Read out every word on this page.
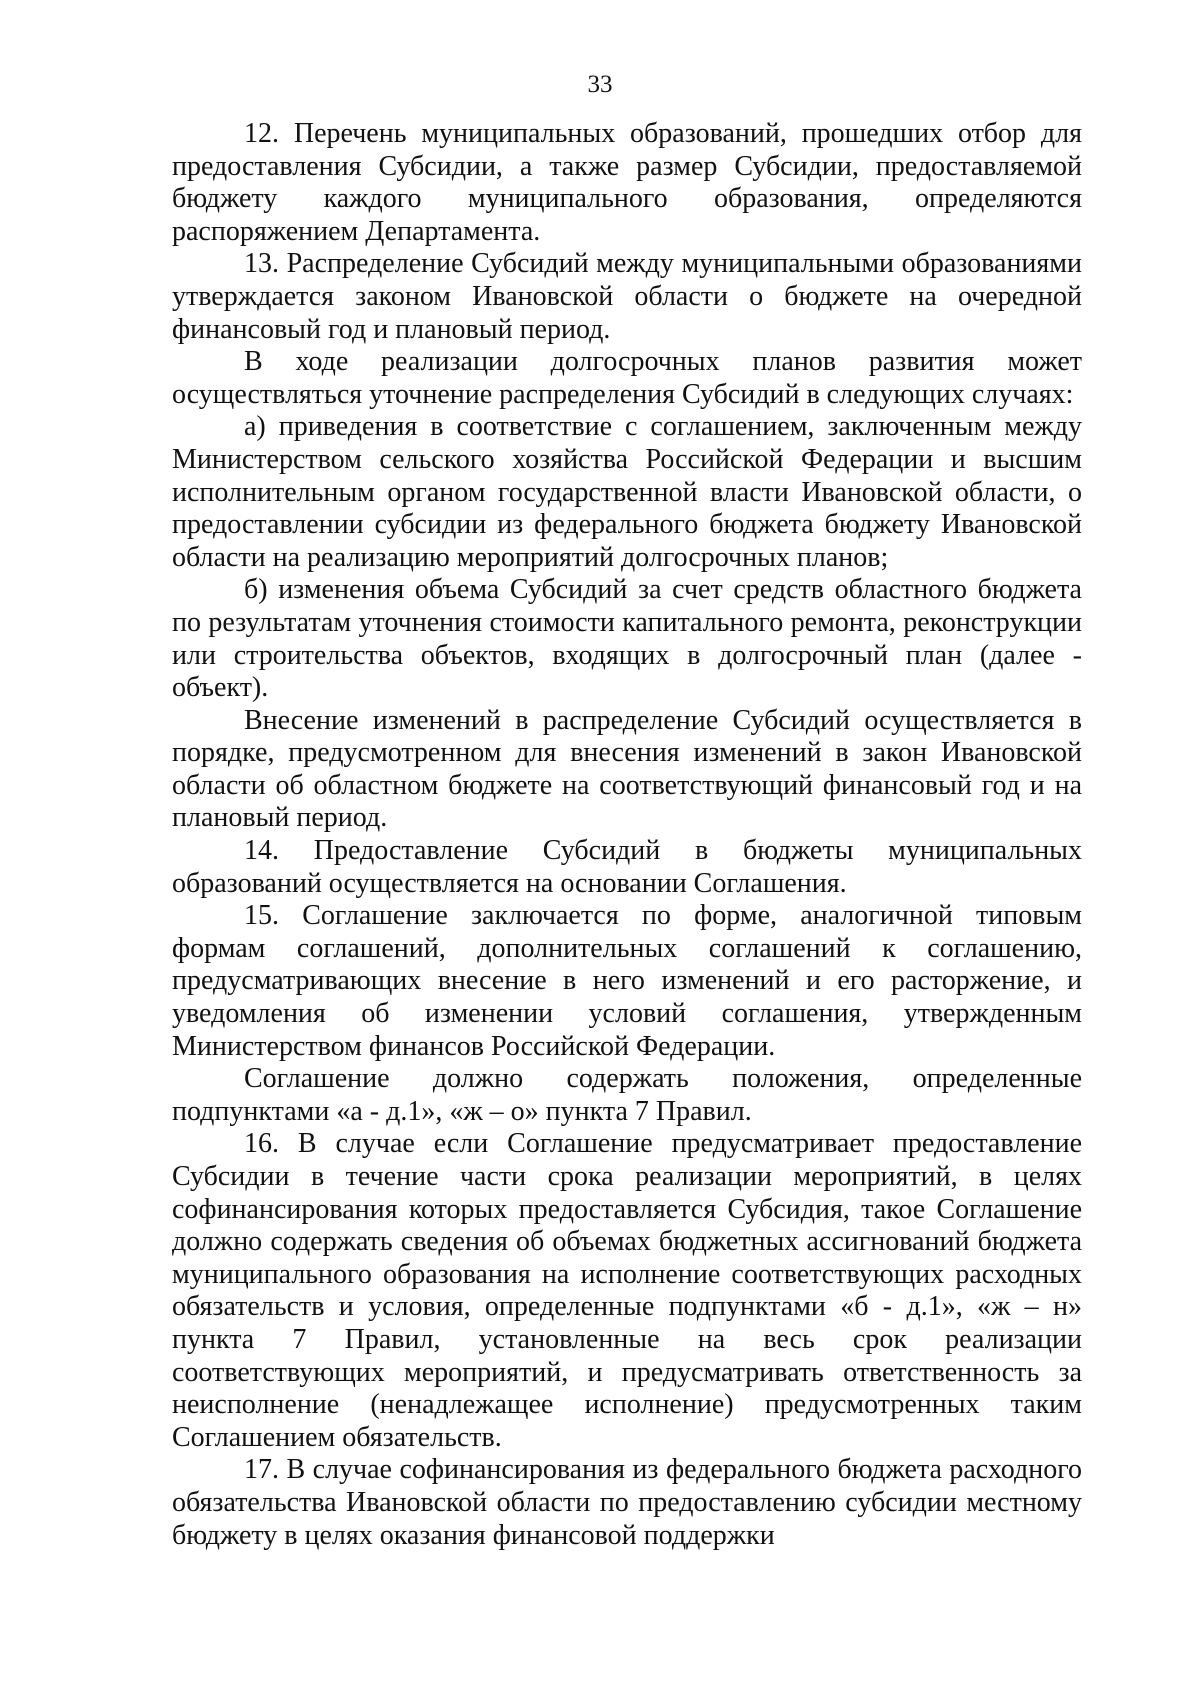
33

12. Перечень муниципальных образований, прошедших отбор для предоставления Субсидии, а также размер Субсидии, предоставляемой бюджету каждого муниципального образования, определяются распоряжением Департамента.

13. Распределение Субсидий между муниципальными образованиями утверждается законом Ивановской области о бюджете на очередной финансовый год и плановый период.

В ходе реализации долгосрочных планов развития может осуществляться уточнение распределения Субсидий в следующих случаях:

а) приведения в соответствие с соглашением, заключенным между Министерством сельского хозяйства Российской Федерации и высшим исполнительным органом государственной власти Ивановской области, о предоставлении субсидии из федерального бюджета бюджету Ивановской области на реализацию мероприятий долгосрочных планов;

б) изменения объема Субсидий за счет средств областного бюджета по результатам уточнения стоимости капитального ремонта, реконструкции или строительства объектов, входящих в долгосрочный план (далее - объект).

Внесение изменений в распределение Субсидий осуществляется в порядке, предусмотренном для внесения изменений в закон Ивановской области об областном бюджете на соответствующий финансовый год и на плановый период.

14. Предоставление Субсидий в бюджеты муниципальных образований осуществляется на основании Соглашения.

15. Соглашение заключается по форме, аналогичной типовым формам соглашений, дополнительных соглашений к соглашению, предусматривающих внесение в него изменений и его расторжение, и уведомления об изменении условий соглашения, утвержденным Министерством финансов Российской Федерации.

Соглашение должно содержать положения, определенные подпунктами «а - д.1», «ж – о» пункта 7 Правил.

16. В случае если Соглашение предусматривает предоставление Субсидии в течение части срока реализации мероприятий, в целях софинансирования которых предоставляется Субсидия, такое Соглашение должно содержать сведения об объемах бюджетных ассигнований бюджета муниципального образования на исполнение соответствующих расходных обязательств и условия, определенные подпунктами «б - д.1», «ж – н» пункта 7 Правил, установленные на весь срок реализации соответствующих мероприятий, и предусматривать ответственность за неисполнение (ненадлежащее исполнение) предусмотренных таким Соглашением обязательств.

17. В случае софинансирования из федерального бюджета расходного обязательства Ивановской области по предоставлению субсидии местному бюджету в целях оказания финансовой поддержки
